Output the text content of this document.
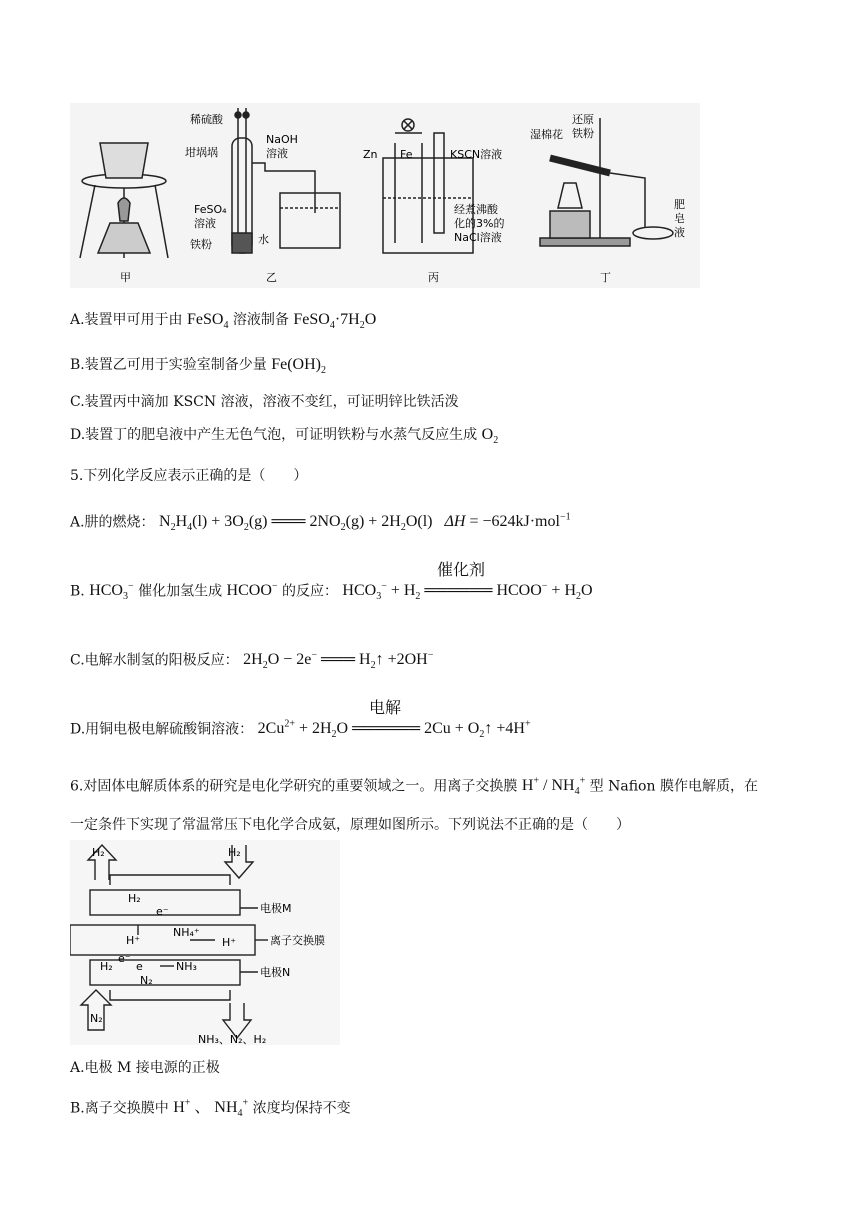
坩埚埚
甲
稀硫酸
NaOH
溶液
FeSO₄
溶液
铁粉	水
乙
Zn Fe	KSCN溶液
经煮沸酸
化的3%的
NaCl溶液
丙
湿棉花
还原
铁粉
肥
皂
液
丁
A.装置甲可用于由 FeSO$_4$ 溶液制备 $FeSO_4\cdot 7H_2O$
B.装置乙可用于实验室制备少量 $Fe(OH)_2$
C.装置丙中滴加 KSCN 溶液，溶液不变红，可证明锌比铁活泼
D.装置丁的肥皂液中产生无色气泡，可证明铁粉与水蒸气反应生成 $O_2$
5.下列化学反应表示正确的是（　　）
A.肼的燃烧： $N_2H_4(l) + 3O_2(g)$ ═══ $2NO_2(g) + 2H_2O(l) \Delta H = -624kJ\cdot mol^{-1}$
催化剂
B. $HCO_3^-$ 催化加氢生成 HCOO− 的反应： $HCO_3^- + H_2$ ══════ HCOO− + $H_2O$
C.电解水制氢的阳极反应： $2H_2O - 2e^-$ ═══ $H_2↑ +2OH^-$
电解
D.用铜电极电解硫酸铜溶液： $2Cu^{2+} + 2H_2O$ ══════ $2Cu + O_2↑ +4H^+$
6.对固体电解质体系的研究是电化学研究的重要领域之一。用离子交换膜 $H^+ / NH_4^+$ 型 Nafion 膜作电解质，在
一定条件下实现了常温常压下电化学合成氨，原理如图所示。下列说法不正确的是（　　）
H₂	H₂
H₂
e⁻	电极M
H⁺
NH₄⁺
H⁺	离子交换膜
H₂
e⁻
e	NH₃
N₂
电极N
N₂
NH₃、N₂、H₂
A.电极 M 接电源的正极
B.离子交换膜中 H+ 、 $NH_4^+$ 浓度均保持不变
